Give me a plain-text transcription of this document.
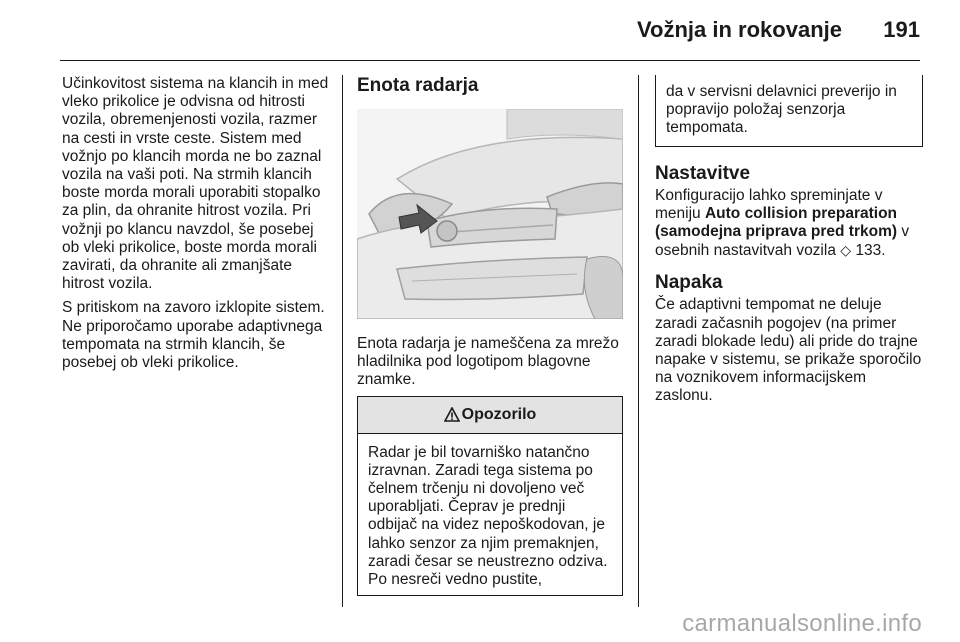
Vožnja in rokovanje 191

Učinkovitost sistema na klancih in med vleko prikolice je odvisna od hitrosti vozila, obremenjenosti vozila, razmer na cesti in vrste ceste. Sistem med vožnjo po klancih morda ne bo zaznal vozila na vaši poti. Na strmih klancih boste morda morali uporabiti stopalko za plin, da ohranite hitrost vozila. Pri vožnji po klancu navzdol, še posebej ob vleki prikolice, boste morda morali zavirati, da ohranite ali zmanjšate hitrost vozila.

S pritiskom na zavoro izklopite sistem. Ne priporočamo uporabe adaptivnega tempomata na strmih klancih, še posebej ob vleki prikolice.

Enota radarja

Enota radarja je nameščena za mrežo hladilnika pod logotipom blagovne znamke.

Opozorilo
Radar je bil tovarniško natančno izravnan. Zaradi tega sistema po čelnem trčenju ni dovoljeno več uporabljati. Čeprav je prednji odbijač na videz nepoškodovan, je lahko senzor za njim premaknjen, zaradi česar se neustrezno odziva. Po nesreči vedno pustite,
da v servisni delavnici preverijo in popravijo položaj senzorja tempomata.
Nastavitve

Konfiguracijo lahko spreminjate v meniju Auto collision preparation (samodejna priprava pred trkom) v osebnih nastavitvah vozila ◇ 133.

Napaka

Če adaptivni tempomat ne deluje zaradi začasnih pogojev (na primer zaradi blokade ledu) ali pride do trajne napake v sistemu, se prikaže sporočilo na voznikovem informacijskem zaslonu.

carmanualsonline.info
